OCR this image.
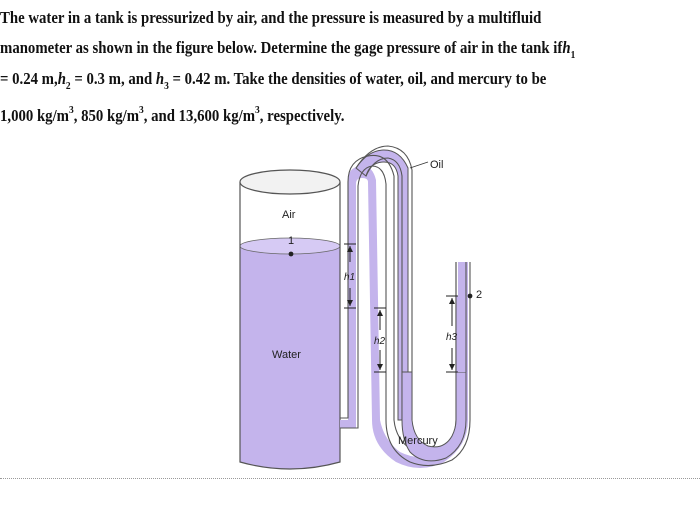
The water in a tank is pressurized by air, and the pressure is measured by a multifluid
manometer as shown in the figure below. Determine the gage pressure of air in the tank ifh$_1$
= 0.24 $m,h_2 = 0.3$ m, and $h_3 = 0.42$ m. Take the densities of water, oil, and mercury to be
1,000 $kg/m^3$, 850 $kg/m^3$, and 13,600 $kg/m^3$, respectively.
Oil
Air
1
Water
Mercury
2
h1
h2	h3
